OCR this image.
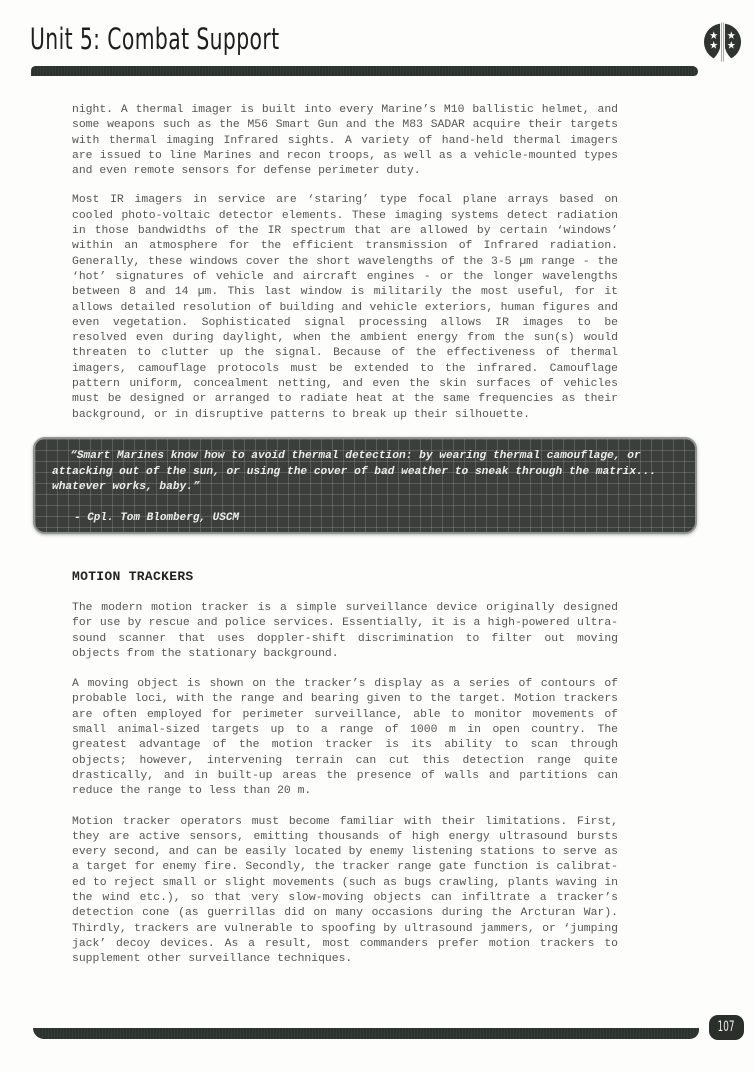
Unit 5: Combat Support

night. A thermal imager is built into every Marine’s M10 ballistic helmet, and some weapons such as the M56 Smart Gun and the M83 SADAR acquire their targets with thermal imaging Infrared sights. A variety of hand-held thermal imagers are issued to line Marines and recon troops, as well as a vehicle-mounted types and even remote sensors for defense perimeter duty.

Most IR imagers in service are ‘staring’ type focal plane arrays based on cooled photo-voltaic detector elements. These imaging systems detect radiation in those bandwidths of the IR spectrum that are allowed by certain ‘windows’ within an atmosphere for the efficient transmission of Infrared radiation. Generally, these windows cover the short wavelengths of the 3-5 µm range - the ‘hot’ signatures of vehicle and aircraft engines - or the longer wavelengths between 8 and 14 µm. This last window is militarily the most useful, for it allows detailed resolution of building and vehicle exteriors, human figures and even vegetation. Sophisticated signal processing allows IR images to be resolved even during daylight, when the ambient energy from the sun(s) would threaten to clutter up the signal. Because of the effectiveness of thermal imagers, camouflage protocols must be extended to the infrared. Camouflage pattern uniform, concealment netting, and even the skin surfaces of vehicles must be designed or arranged to radiate heat at the same frequencies as their background, or in disruptive patterns to break up their silhouette.

“Smart Marines know how to avoid thermal detection: by wearing thermal camouflage, or attacking out of the sun, or using the cover of bad weather to sneak through the matrix... whatever works, baby.”
- Cpl. Tom Blomberg, USCM
MOTION TRACKERS

The modern motion tracker is a simple surveillance device originally designed for use by rescue and police services. Essentially, it is a high-powered ultrasound scanner that uses doppler-shift discrimination to filter out moving objects from the stationary background.

A moving object is shown on the tracker’s display as a series of contours of probable loci, with the range and bearing given to the target. Motion trackers are often employed for perimeter surveillance, able to monitor movements of small animal-sized targets up to a range of 1000 m in open country. The greatest advantage of the motion tracker is its ability to scan through objects; however, intervening terrain can cut this detection range quite drastically, and in built-up areas the presence of walls and partitions can reduce the range to less than 20 m.

Motion tracker operators must become familiar with their limitations. First, they are active sensors, emitting thousands of high energy ultrasound bursts every second, and can be easily located by enemy listening stations to serve as a target for enemy fire. Secondly, the tracker range gate function is calibrated to reject small or slight movements (such as bugs crawling, plants waving in the wind etc.), so that very slow-moving objects can infiltrate a tracker’s detection cone (as guerrillas did on many occasions during the Arcturan War). Thirdly, trackers are vulnerable to spoofing by ultrasound jammers, or ‘jumping jack’ decoy devices. As a result, most commanders prefer motion trackers to supplement other surveillance techniques.

107
